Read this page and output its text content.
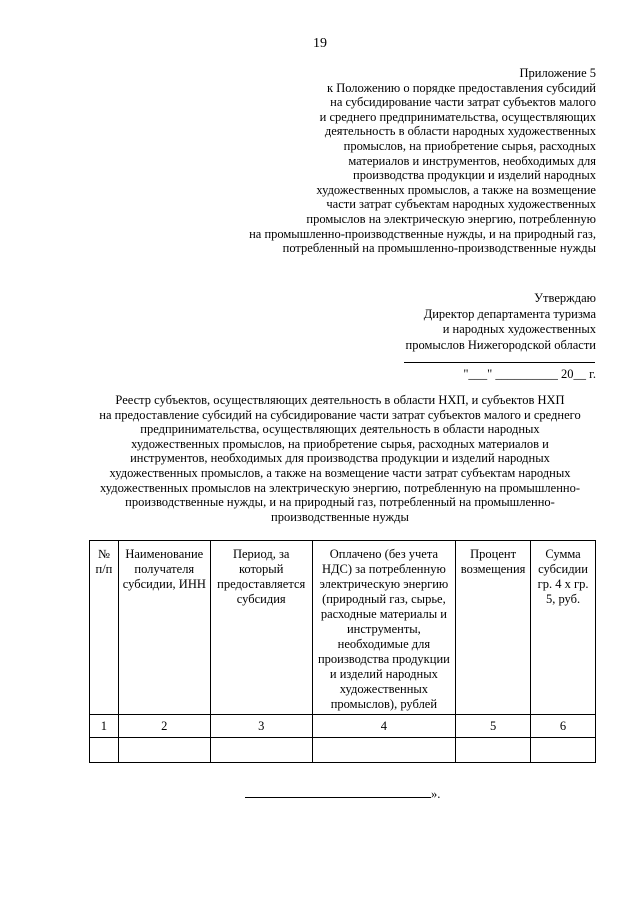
19
Приложение 5
к Положению о порядке предоставления субсидий
на субсидирование части затрат субъектов малого
и среднего предпринимательства, осуществляющих
деятельность в области народных художественных
промыслов, на приобретение сырья, расходных
материалов и инструментов, необходимых для
производства продукции и изделий народных
художественных промыслов, а также на возмещение
части затрат субъектам народных художественных
промыслов на электрическую энергию, потребленную
на промышленно-производственные нужды, и на природный газ,
потребленный на промышленно-производственные нужды
Утверждаю
Директор департамента туризма
и народных художественных
промыслов Нижегородской области
"___" __________ 20__ г.
Реестр субъектов, осуществляющих деятельность в области НХП, и субъектов НХП
на предоставление субсидий на субсидирование части затрат субъектов малого и среднего
предпринимательства, осуществляющих деятельность в области народных
художественных промыслов, на приобретение сырья, расходных материалов и
инструментов, необходимых для производства продукции и изделий народных
художественных промыслов, а также на возмещение части затрат субъектам народных
художественных промыслов на электрическую энергию, потребленную на промышленно-
производственные нужды, и на природный газ, потребленный на промышленно-
производственные нужды
№ п/п	Наименование получателя субсидии, ИНН	Период, за который предоставляется субсидия	Оплачено (без учета НДС) за потребленную электрическую энергию (природный газ, сырье, расходные материалы и инструменты, необходимые для производства продукции и изделий народных художественных промыслов), рублей	Процент возмещения	Сумма субсидии гр. 4 х гр. 5, руб.
1	2	3	4	5	6

».
